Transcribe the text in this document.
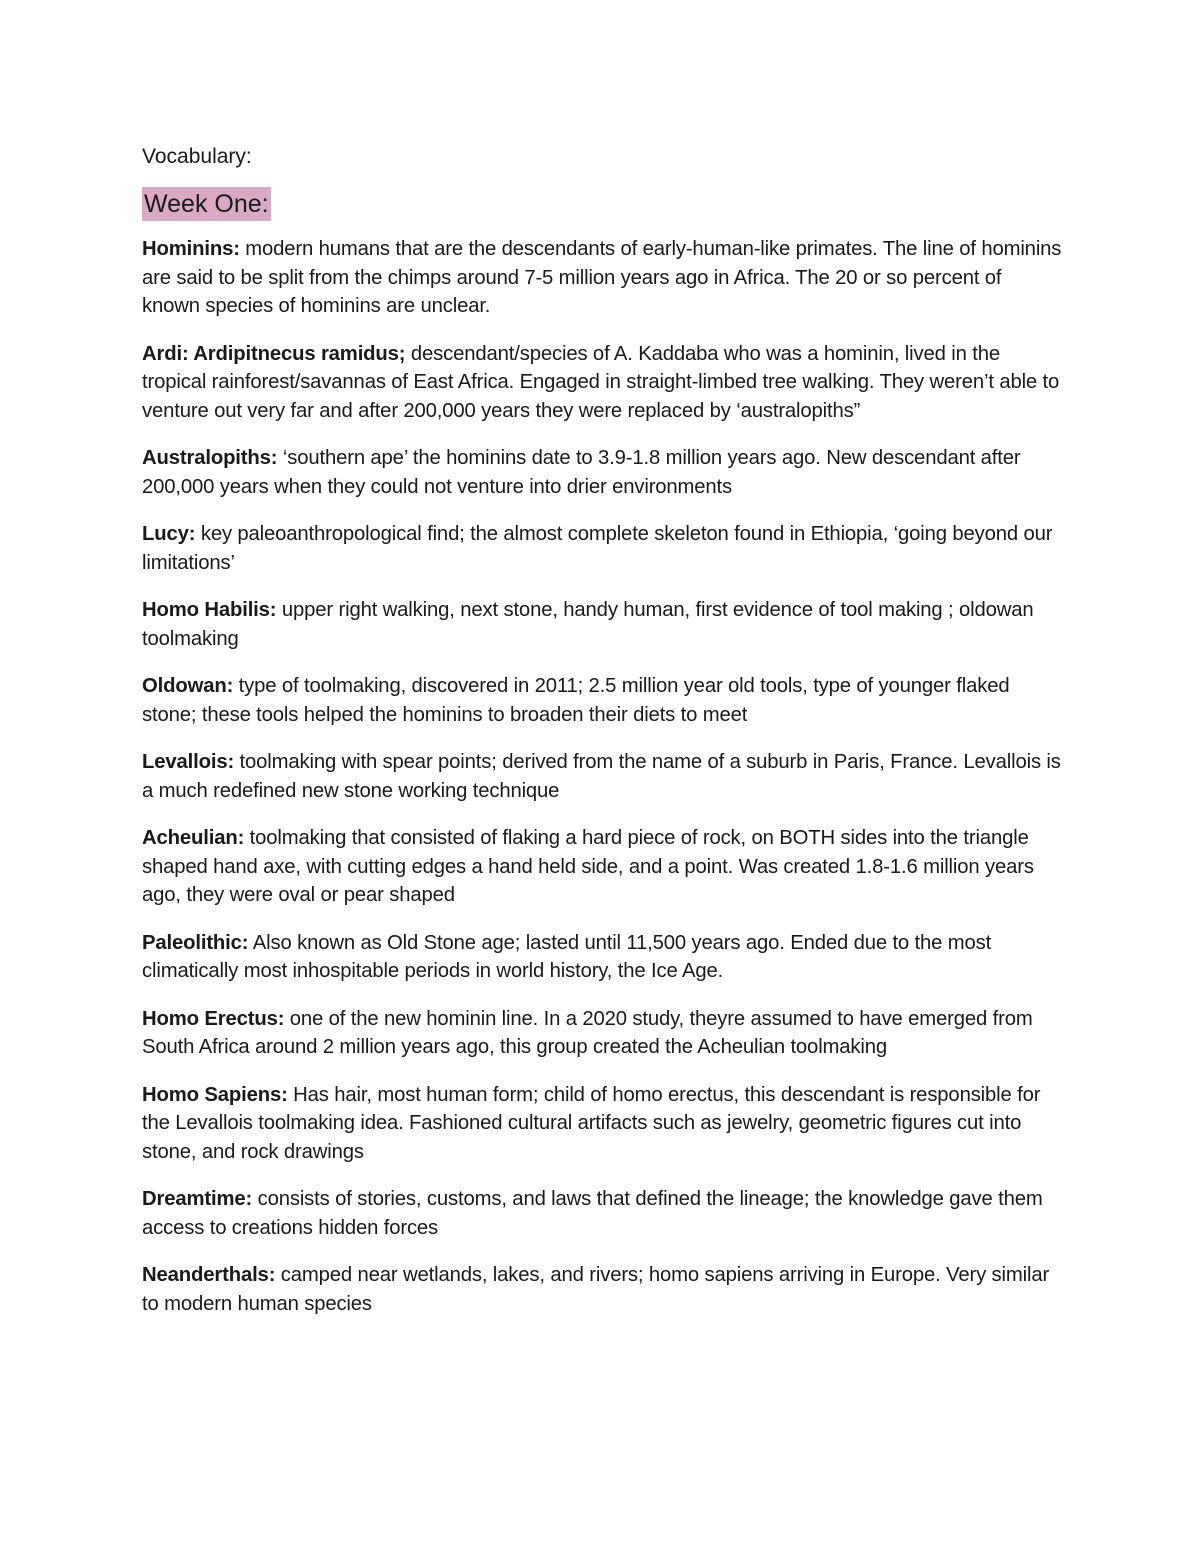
Vocabulary:
Week One:

Hominins: modern humans that are the descendants of early-human-like primates. The line of hominins are said to be split from the chimps around 7-5 million years ago in Africa. The 20 or so percent of known species of hominins are unclear.

Ardi: Ardipitnecus ramidus; descendant/species of A. Kaddaba who was a hominin, lived in the tropical rainforest/savannas of East Africa. Engaged in straight-limbed tree walking. They weren’t able to venture out very far and after 200,000 years they were replaced by ‘australopiths”

Australopiths: ‘southern ape’ the hominins date to 3.9-1.8 million years ago. New descendant after 200,000 years when they could not venture into drier environments

Lucy: key paleoanthropological find; the almost complete skeleton found in Ethiopia, ‘going beyond our limitations’

Homo Habilis: upper right walking, next stone, handy human, first evidence of tool making ; oldowan toolmaking

Oldowan: type of toolmaking, discovered in 2011; 2.5 million year old tools, type of younger flaked stone; these tools helped the hominins to broaden their diets to meet

Levallois: toolmaking with spear points; derived from the name of a suburb in Paris, France. Levallois is a much redefined new stone working technique

Acheulian: toolmaking that consisted of flaking a hard piece of rock, on BOTH sides into the triangle shaped hand axe, with cutting edges a hand held side, and a point. Was created 1.8-1.6 million years ago, they were oval or pear shaped

Paleolithic: Also known as Old Stone age; lasted until 11,500 years ago. Ended due to the most climatically most inhospitable periods in world history, the Ice Age.

Homo Erectus: one of the new hominin line. In a 2020 study, theyre assumed to have emerged from South Africa around 2 million years ago, this group created the Acheulian toolmaking

Homo Sapiens: Has hair, most human form; child of homo erectus, this descendant is responsible for the Levallois toolmaking idea. Fashioned cultural artifacts such as jewelry, geometric figures cut into stone, and rock drawings

Dreamtime: consists of stories, customs, and laws that defined the lineage; the knowledge gave them access to creations hidden forces

Neanderthals: camped near wetlands, lakes, and rivers; homo sapiens arriving in Europe. Very similar to modern human species
